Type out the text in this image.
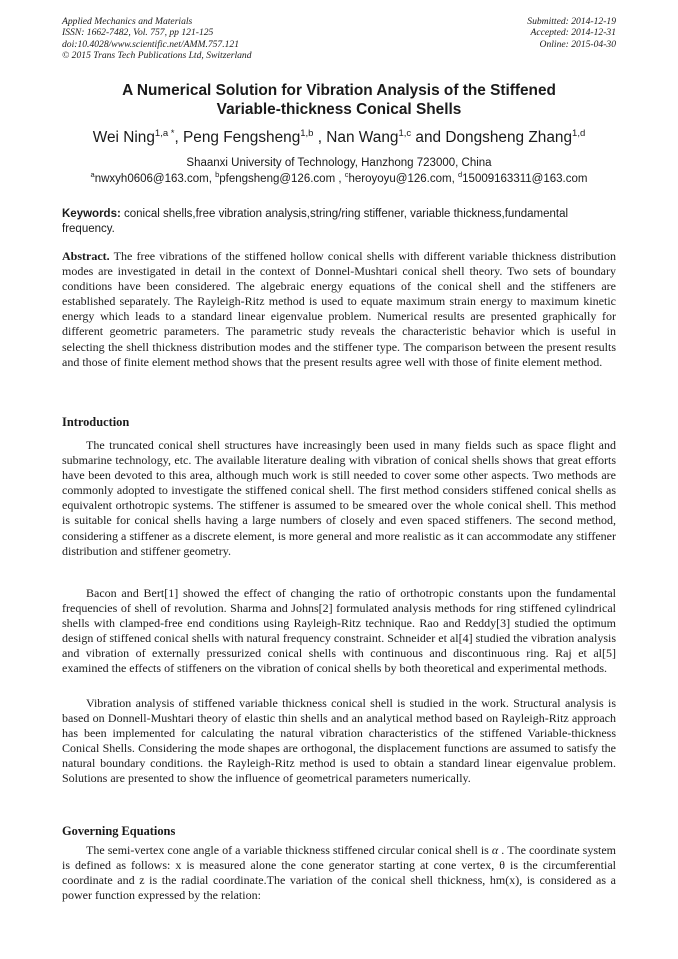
Applied Mechanics and Materials
ISSN: 1662-7482, Vol. 757, pp 121-125
doi:10.4028/www.scientific.net/AMM.757.121
© 2015 Trans Tech Publications Ltd, Switzerland
Submitted: 2014-12-19
Accepted: 2014-12-31
Online: 2015-04-30
A Numerical Solution for Vibration Analysis of the Stiffened
Variable-thickness Conical Shells
Wei Ning$^{1,a *}$, Peng Fengsheng$^{1,b}$ , Nan Wang$^{1,c}$ and Dongsheng Zhang$^{1,d}$
Shaanxi University of Technology, Hanzhong 723000, China
$^a$nwxyh0606@163.com, $^b$pfengsheng@126.com , $^c$heroyoyu@126.com, $^d$15009163311@163.com
Keywords: conical shells,free vibration analysis,string/ring stiffener, variable thickness,fundamental frequency.
Abstract. The free vibrations of the stiffened hollow conical shells with different variable thickness distribution modes are investigated in detail in the context of Donnel-Mushtari conical shell theory. Two sets of boundary conditions have been considered. The algebraic energy equations of the conical shell and the stiffeners are established separately. The Rayleigh-Ritz method is used to equate maximum strain energy to maximum kinetic energy which leads to a standard linear eigenvalue problem. Numerical results are presented graphically for different geometric parameters. The parametric study reveals the characteristic behavior which is useful in selecting the shell thickness distribution modes and the stiffener type. The comparison between the present results and those of finite element method shows that the present results agree well with those of finite element method.
Introduction
The truncated conical shell structures have increasingly been used in many fields such as space flight and submarine technology, etc. The available literature dealing with vibration of conical shells shows that great efforts have been devoted to this area, although much work is still needed to cover some other aspects. Two methods are commonly adopted to investigate the stiffened conical shell. The first method considers stiffened conical shells as equivalent orthotropic systems. The stiffener is assumed to be smeared over the whole conical shell. This method is suitable for conical shells having a large numbers of closely and even spaced stiffeners. The second method, considering a stiffener as a discrete element, is more general and more realistic as it can accommodate any stiffener distribution and stiffener geometry.
Bacon and Bert[1] showed the effect of changing the ratio of orthotropic constants upon the fundamental frequencies of shell of revolution. Sharma and Johns[2] formulated analysis methods for ring stiffened cylindrical shells with clamped-free end conditions using Rayleigh-Ritz technique. Rao and Reddy[3] studied the optimum design of stiffened conical shells with natural frequency constraint. Schneider et al[4] studied the vibration analysis and vibration of externally pressurized conical shells with continuous and discontinuous ring. Raj et al[5] examined the effects of stiffeners on the vibration of conical shells by both theoretical and experimental methods.
Vibration analysis of stiffened variable thickness conical shell is studied in the work. Structural analysis is based on Donnell-Mushtari theory of elastic thin shells and an analytical method based on Rayleigh-Ritz approach has been implemented for calculating the natural vibration characteristics of the stiffened Variable-thickness Conical Shells. Considering the mode shapes are orthogonal, the displacement functions are assumed to satisfy the natural boundary conditions. the Rayleigh-Ritz method is used to obtain a standard linear eigenvalue problem. Solutions are presented to show the influence of geometrical parameters numerically.
Governing Equations
The semi-vertex cone angle of a variable thickness stiffened circular conical shell is α . The coordinate system is defined as follows: x is measured alone the cone generator starting at cone vertex, θ is the circumferential coordinate and z is the radial coordinate.The variation of the conical shell thickness, hm(x), is considered as a power function expressed by the relation:
